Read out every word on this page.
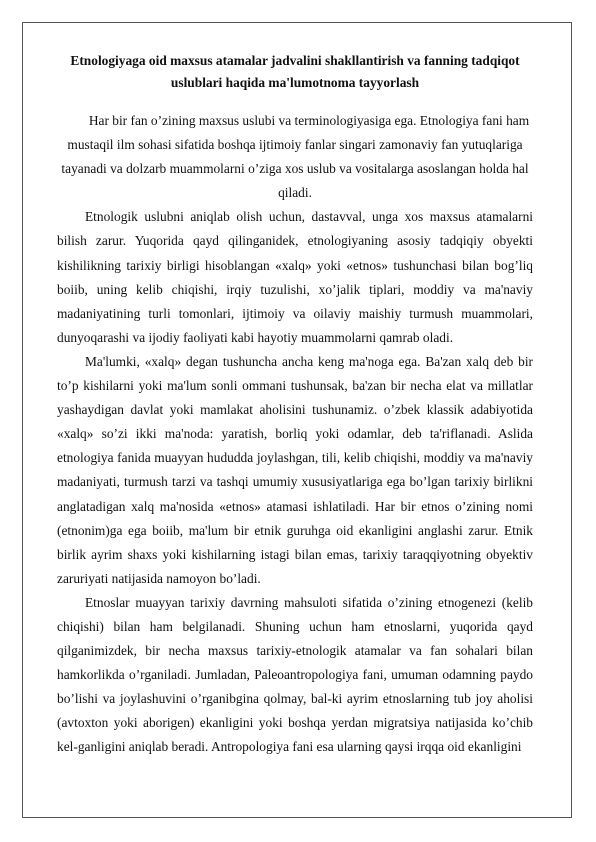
Etnologiyaga oid maxsus atamalar jadvalini shakllantirish va fanning tadqiqot uslublari haqida ma'lumotnoma tayyorlash

Har bir fan o’zining maxsus uslubi va terminologiyasiga ega. Etnologiya fani ham mustaqil ilm sohasi sifatida boshqa ijtimoiy fanlar singari zamonaviy fan yutuqlariga tayanadi va dolzarb muammolarni o’ziga xos uslub va vositalarga asoslangan holda hal qiladi.

Etnologik uslubni aniqlab olish uchun, dastavval, unga xos maxsus atamalarni bilish zarur. Yuqorida qayd qilinganidek, etnologiyaning asosiy tadqiqiy obyekti kishilikning tarixiy birligi hisoblangan «xalq» yoki «etnos» tushunchasi bilan bog’liq boiib, uning kelib chiqishi, irqiy tuzulishi, xo’jalik tiplari, moddiy va ma'naviy madaniyatining turli tomonlari, ijtimoiy va oilaviy maishiy turmush muammolari, dunyoqarashi va ijodiy faoliyati kabi hayotiy muammolarni qamrab oladi.

Ma'lumki, «xalq» degan tushuncha ancha keng ma'noga ega. Ba'zan xalq deb bir to’p kishilarni yoki ma'lum sonli ommani tushunsak, ba'zan bir necha elat va millatlar yashaydigan davlat yoki mamlakat aholisini tushunamiz. o’zbek klassik adabiyotida «xalq» so’zi ikki ma'noda: yaratish, borliq yoki odamlar, deb ta'riflanadi. Aslida etnologiya fanida muayyan hududda joylashgan, tili, kelib chiqishi, moddiy va ma'naviy madaniyati, turmush tarzi va tashqi umumiy xususiyatlariga ega bo’lgan tarixiy birlikni anglatadigan xalq ma'nosida «etnos» atamasi ishlatiladi. Har bir etnos o’zining nomi (etnonim)ga ega boiib, ma'lum bir etnik guruhga oid ekanligini anglashi zarur. Etnik birlik ayrim shaxs yoki kishilarning istagi bilan emas, tarixiy taraqqiyotning obyektiv zaruriyati natijasida namoyon bo’ladi.

Etnoslar muayyan tarixiy davrning mahsuloti sifatida o’zining etnogenezi (kelib chiqishi) bilan ham belgilanadi. Shuning uchun ham etnoslarni, yuqorida qayd qilganimizdek, bir necha maxsus tarixiy-etnologik atamalar va fan sohalari bilan hamkorlikda o’rganiladi. Jumladan, Paleoantropologiya fani, umuman odamning paydo bo’lishi va joylashuvini o’rganibgina qolmay, bal-ki ayrim etnoslarning tub joy aholisi (avtoxton yoki aborigen) ekanligini yoki boshqa yerdan migratsiya natijasida ko’chib kel-ganligini aniqlab beradi. Antropologiya fani esa ularning qaysi irqqa oid ekanligini
